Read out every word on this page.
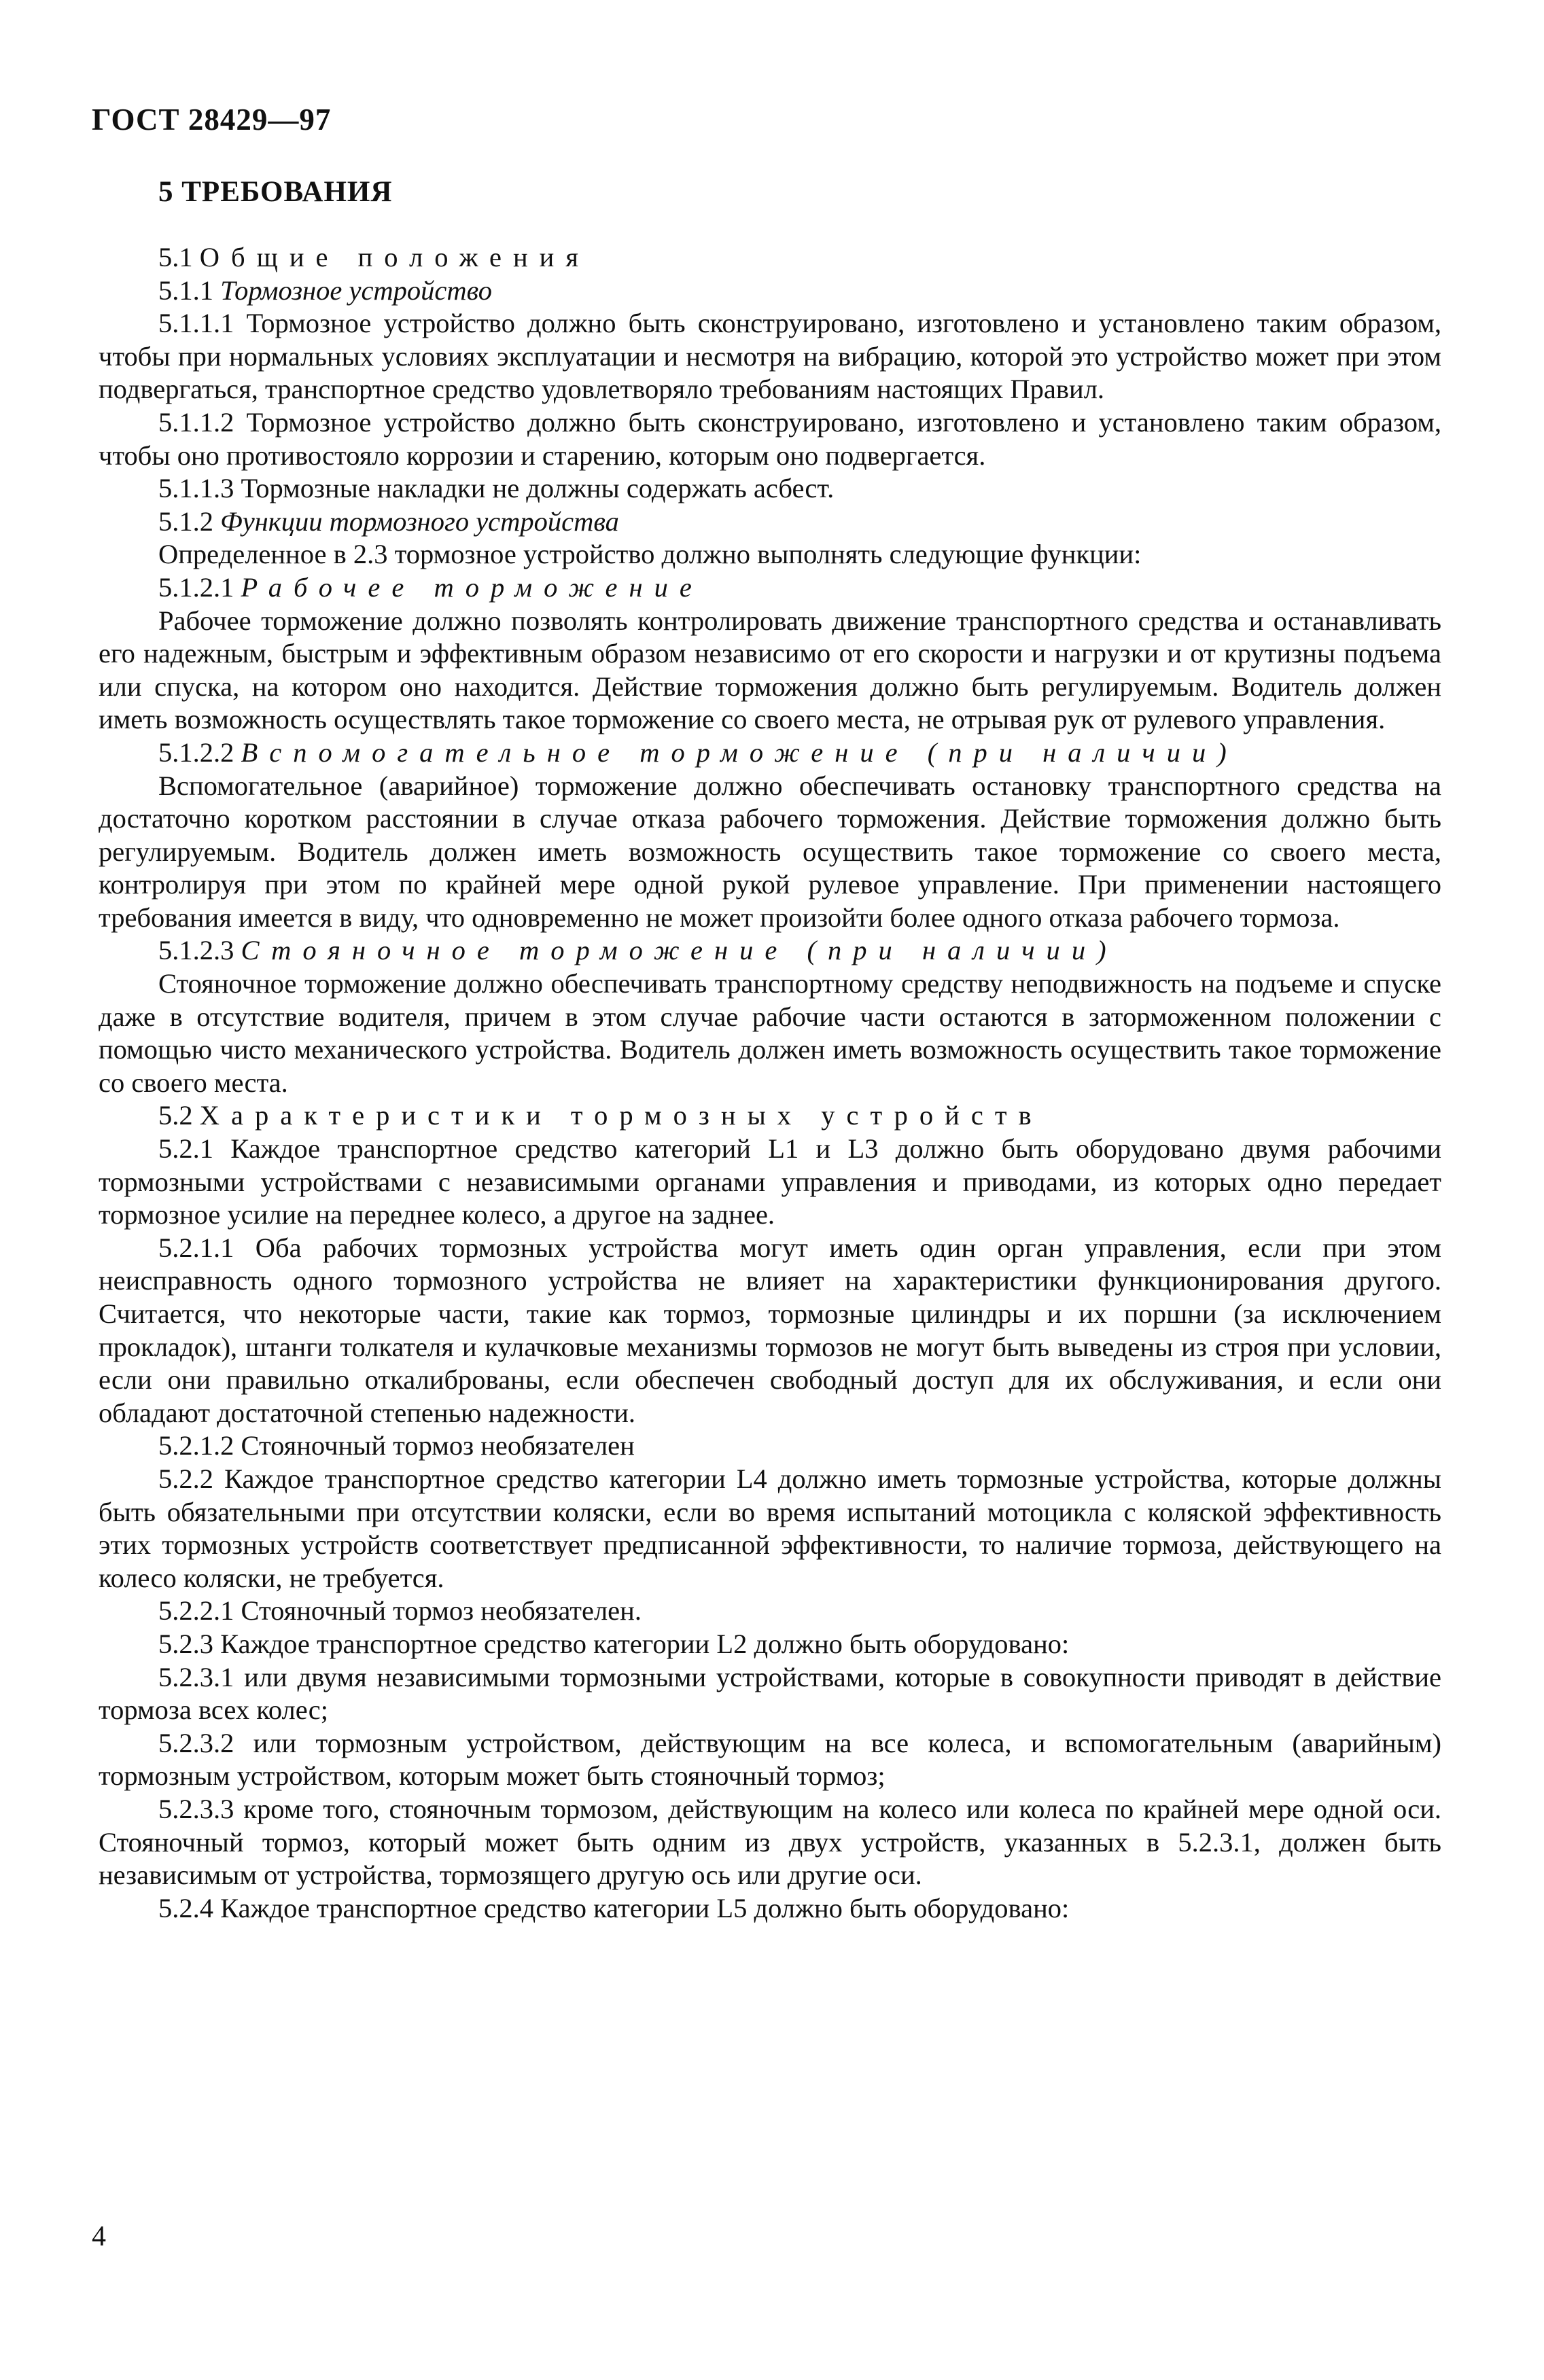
ГОСТ 28429—97
5 ТРЕБОВАНИЯ

5.1 Общие положения

5.1.1 Тормозное устройство

5.1.1.1 Тормозное устройство должно быть сконструировано, изготовлено и установлено таким образом, чтобы при нормальных условиях эксплуатации и несмотря на вибрацию, которой это устройство может при этом подвергаться, транспортное средство удовлетворяло требованиям настоящих Правил.

5.1.1.2 Тормозное устройство должно быть сконструировано, изготовлено и установлено таким образом, чтобы оно противостояло коррозии и старению, которым оно подвергается.

5.1.1.3 Тормозные накладки не должны содержать асбест.

5.1.2 Функции тормозного устройства

Определенное в 2.3 тормозное устройство должно выполнять следующие функции:

5.1.2.1 Рабочее торможение

Рабочее торможение должно позволять контролировать движение транспортного средства и останавливать его надежным, быстрым и эффективным образом независимо от его скорости и нагрузки и от крутизны подъема или спуска, на котором оно находится. Действие торможения должно быть регулируемым. Водитель должен иметь возможность осуществлять такое торможение со своего места, не отрывая рук от рулевого управления.

5.1.2.2 Вспомогательное торможение (при наличии)

Вспомогательное (аварийное) торможение должно обеспечивать остановку транспортного средства на достаточно коротком расстоянии в случае отказа рабочего торможения. Действие торможения должно быть регулируемым. Водитель должен иметь возможность осуществить такое торможение со своего места, контролируя при этом по крайней мере одной рукой рулевое управление. При применении настоящего требования имеется в виду, что одновременно не может произойти более одного отказа рабочего тормоза.

5.1.2.3 Стояночное торможение (при наличии)

Стояночное торможение должно обеспечивать транспортному средству неподвижность на подъеме и спуске даже в отсутствие водителя, причем в этом случае рабочие части остаются в заторможенном положении с помощью чисто механического устройства. Водитель должен иметь возможность осуществить такое торможение со своего места.

5.2 Характеристики тормозных устройств

5.2.1 Каждое транспортное средство категорий L1 и L3 должно быть оборудовано двумя рабочими тормозными устройствами с независимыми органами управления и приводами, из которых одно передает тормозное усилие на переднее колесо, а другое на заднее.

5.2.1.1 Оба рабочих тормозных устройства могут иметь один орган управления, если при этом неисправность одного тормозного устройства не влияет на характеристики функционирования другого. Считается, что некоторые части, такие как тормоз, тормозные цилиндры и их поршни (за исключением прокладок), штанги толкателя и кулачковые механизмы тормозов не могут быть выведены из строя при условии, если они правильно откалиброваны, если обеспечен свободный доступ для их обслуживания, и если они обладают достаточной степенью надежности.

5.2.1.2 Стояночный тормоз необязателен

5.2.2 Каждое транспортное средство категории L4 должно иметь тормозные устройства, которые должны быть обязательными при отсутствии коляски, если во время испытаний мотоцикла с коляской эффективность этих тормозных устройств соответствует предписанной эффективности, то наличие тормоза, действующего на колесо коляски, не требуется.

5.2.2.1 Стояночный тормоз необязателен.

5.2.3 Каждое транспортное средство категории L2 должно быть оборудовано:

5.2.3.1 или двумя независимыми тормозными устройствами, которые в совокупности приводят в действие тормоза всех колес;

5.2.3.2 или тормозным устройством, действующим на все колеса, и вспомогательным (аварийным) тормозным устройством, которым может быть стояночный тормоз;

5.2.3.3 кроме того, стояночным тормозом, действующим на колесо или колеса по крайней мере одной оси. Стояночный тормоз, который может быть одним из двух устройств, указанных в 5.2.3.1, должен быть независимым от устройства, тормозящего другую ось или другие оси.

5.2.4 Каждое транспортное средство категории L5 должно быть оборудовано:

4
